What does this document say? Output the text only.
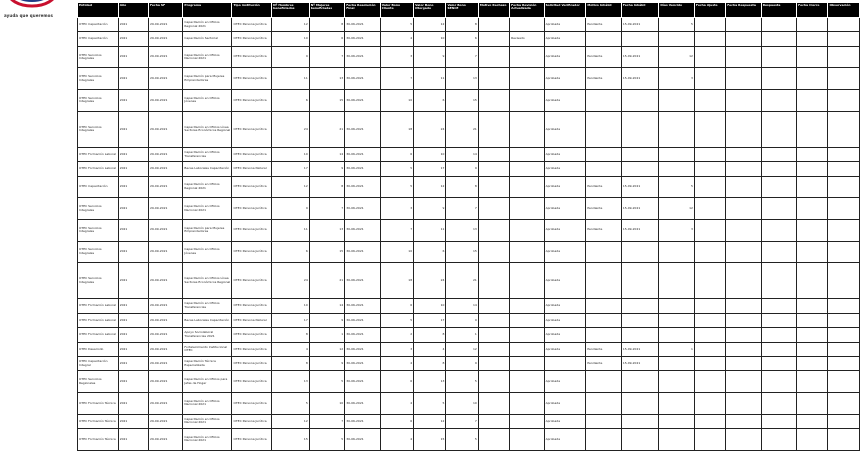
ayuda que queremos
Entidad	Año	Fecha SF	Programa	Tipo institución	Nº Hombres beneficiados	Nº Mujeres beneficiadas	Fecha Resolución Final	Valor Bono Cliente	Valor Bono Otorgado	Valor Bono SENCE	Motivo Rechazo	Fecha Revisión Actualizada	Solicitud Verificador	Motivo Inhábil	Fecha Inhábil	Días Vencido	Fecha Ajuste	Fecha Respuesta	Respuesta	Fecha Cierre	Observación
OTEC Capacitación	2021	29-09-2021	Capacitación en Oficios Regional 2021	OTEC Persona Jurídica	12	8	30-06-2021	5	12	8			Aprobada	Pendiente	15-09-2021	5					
OTEC Capacitación	2021	29-09-2021	Capacitación Sectorial	OTEC Persona Jurídica	10	6	30-06-2021	4	10	6		Revisado	Aprobada								
OTEC Servicios Integrales	2021	29-09-2021	Capacitación en Oficios Nacional 2021	OTEC Persona Jurídica	9	7	30-06-2021	3	9	7			Aprobada	Pendiente	15-09-2021	12					
OTEC Servicios Integrales	2021	29-09-2021	Capacitación para Mujeres Emprendedoras	OTEC Persona Jurídica	11	13	30-06-2021	7	11	13			Aprobada	Pendiente	15-09-2021	3					
OTEC Servicios Integrales	2021	29-09-2021	Capacitación en Oficios Jóvenes	OTEC Persona Jurídica	6	15	30-06-2021	10	6	15			Aprobada								
OTEC Servicios Integrales	2021	29-09-2021	Capacitación en Oficios Línea Sectores Económicos Regional	OTEC Persona Jurídica	24	21	30-06-2021	18	24	21			Aprobada								
OTEC Formación Laboral	2021	29-09-2021	Capacitación en Oficios Transferencias	OTEC Persona Jurídica	10	14	30-06-2021	6	10	14			Aprobada								
OTEC Formación Laboral	2021	29-09-2021	Becas Laborales Capacitación	OTEC Persona Natural	17	9	30-06-2021	5	17	9			Aprobada								
OTEC Capacitación	2021	29-09-2021	Capacitación en Oficios Regional 2021	OTEC Persona Jurídica	12	8	30-06-2021	5	12	8			Aprobada	Pendiente	15-09-2021	5					
OTEC Servicios Integrales	2021	29-09-2021	Capacitación en Oficios Nacional 2021	OTEC Persona Jurídica	9	7	30-06-2021	3	9	7			Aprobada	Pendiente	15-09-2021	12					
OTEC Servicios Integrales	2021	29-09-2021	Capacitación para Mujeres Emprendedoras	OTEC Persona Jurídica	11	13	30-06-2021	7	11	13			Aprobada	Pendiente	15-09-2021	3					
OTEC Servicios Integrales	2021	29-09-2021	Capacitación en Oficios Jóvenes	OTEC Persona Jurídica	6	15	30-06-2021	10	6	15			Aprobada								
OTEC Servicios Integrales	2021	29-09-2021	Capacitación en Oficios Línea Sectores Económicos Regional	OTEC Persona Jurídica	24	21	30-06-2021	18	24	21			Aprobada								
OTEC Formación Laboral	2021	29-09-2021	Capacitación en Oficios Transferencias	OTEC Persona Jurídica	10	14	30-06-2021	6	10	14			Aprobada								
OTEC Formación Laboral	2021	29-09-2021	Becas Laborales Capacitación	OTEC Persona Natural	17	9	30-06-2021	5	17	9			Aprobada								
OTEC Formación Laboral	2021	29-09-2021	Apoyo Sociolaboral Transferencias 2021	OTEC Persona Jurídica	8	1	30-06-2021	2	8	1			Aprobada								
OTEC Desarrollo	2021	29-09-2021	Fortalecimiento Institucional OTEC	OTEC Persona Jurídica	4	12	30-06-2021	3	4	12			Aprobada	Pendiente	15-09-2021	1					
OTEC Capacitación Integral	2021	29-09-2021	Capacitación Técnica Especializada	OTEC Persona Jurídica	8	9	30-06-2021	4	8	9				Pendiente	15-09-2021						
OTEC Servicios Regionales	2021	29-09-2021	Capacitación en Oficios para Jefas de Hogar	OTEC Persona Jurídica	13	5	30-06-2021	6	13	5			Aprobada								
OTEC Formación Técnica	2021	29-09-2021	Capacitación en Oficios Nacional 2021	OTEC Persona Jurídica	5	10	30-06-2021	4	5	10			Aprobada								
OTEC Formación Técnica	2021	29-09-2021	Capacitación en Oficios Nacional 2021	OTEC Persona Jurídica	12	7	30-06-2021	6	12	7			Aprobada								
OTEC Formación Técnica	2021	29-09-2021	Capacitación en Oficios Nacional 2021	OTEC Persona Jurídica	15	5	30-06-2021	4	15	5			Aprobada								
